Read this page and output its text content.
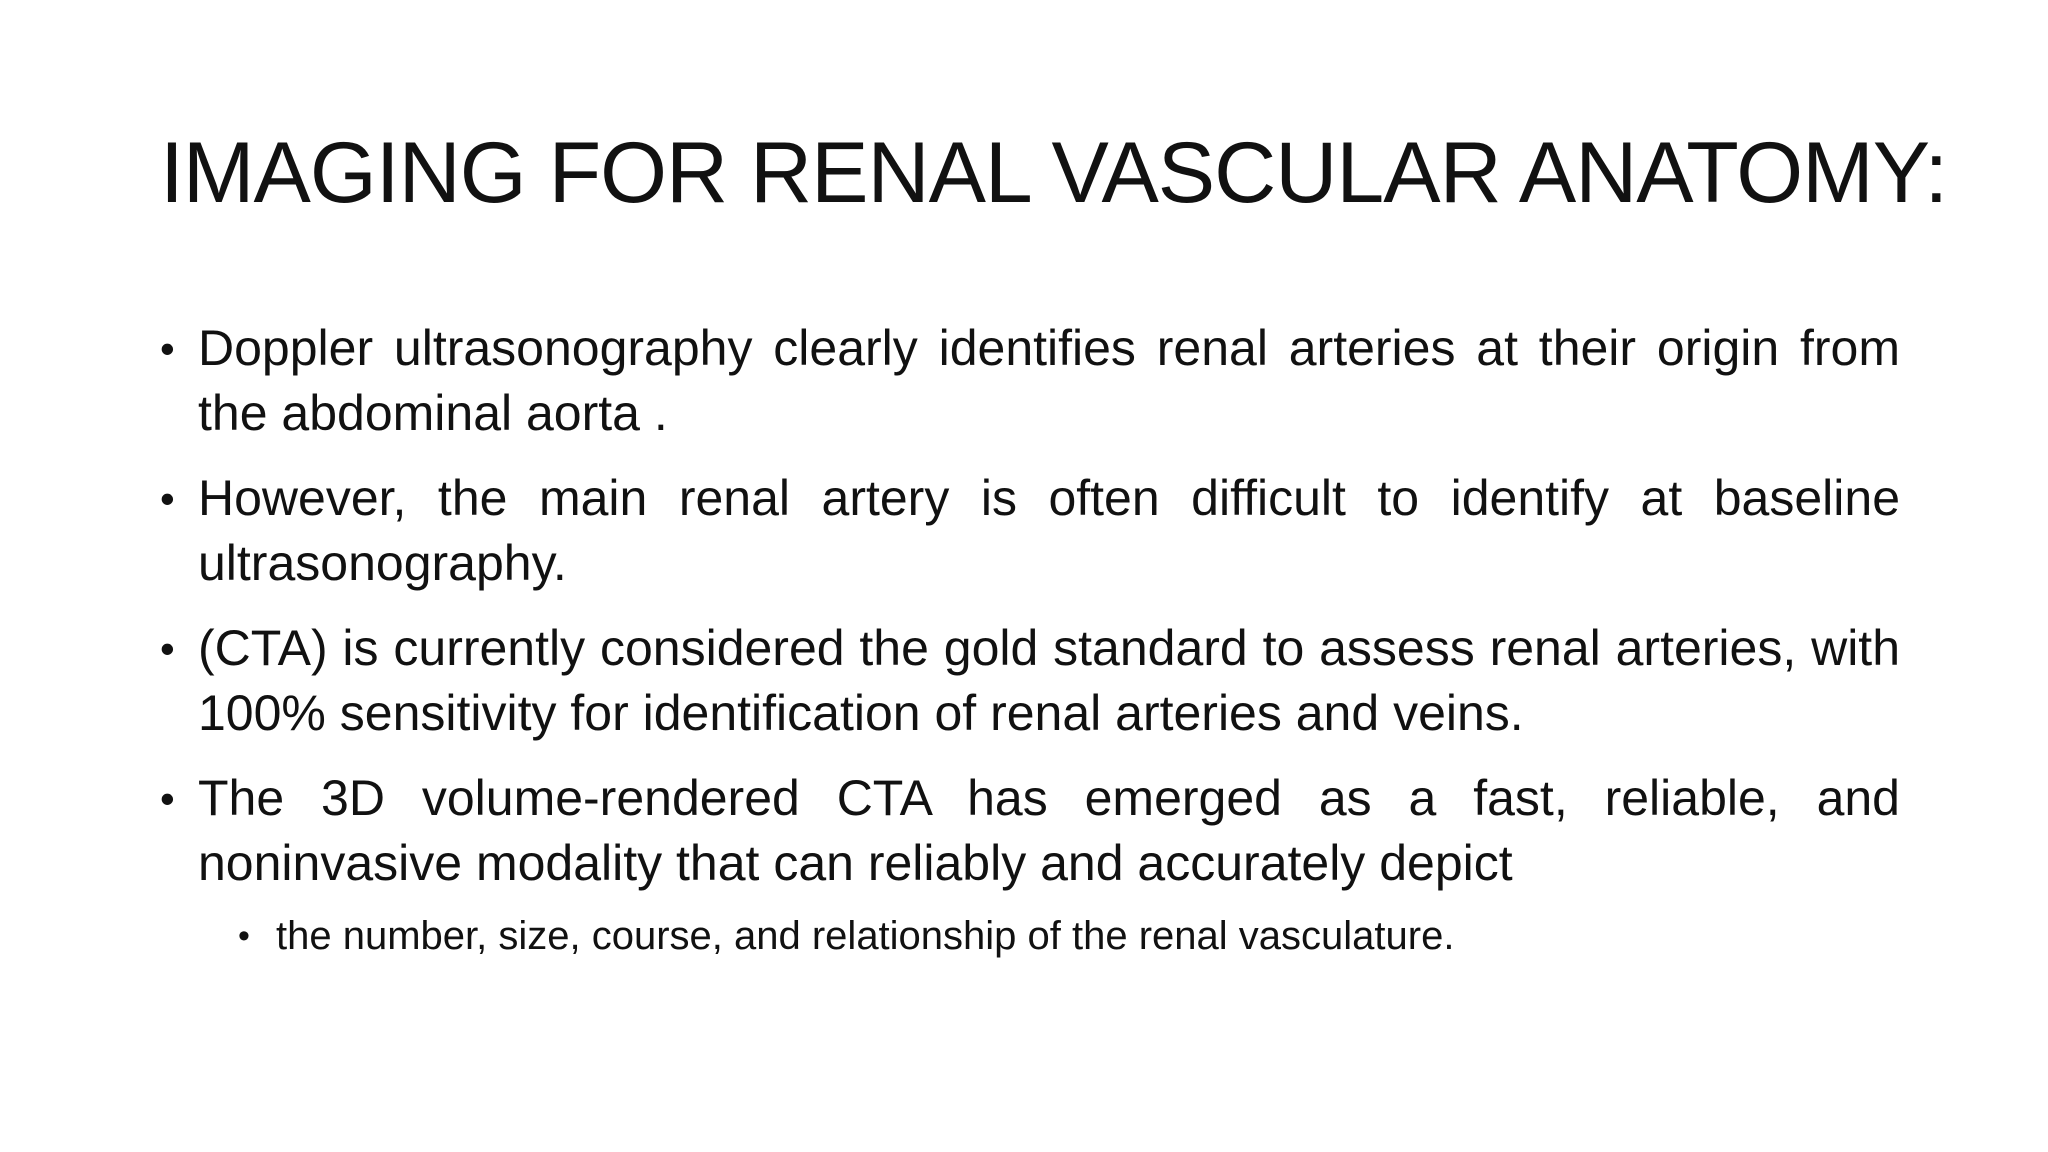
IMAGING FOR RENAL VASCULAR ANATOMY:
• Doppler ultrasonography clearly identifies renal arteries at their origin from the abdominal aorta .
• However, the main renal artery is often difficult to identify at baseline ultrasonography.
• (CTA) is currently considered the gold standard to assess renal arteries, with 100% sensitivity for identification of renal arteries and veins.
• The 3D volume-rendered CTA has emerged as a fast, reliable, and noninvasive modality that can reliably and accurately depict
• the number, size, course, and relationship of the renal vasculature.
